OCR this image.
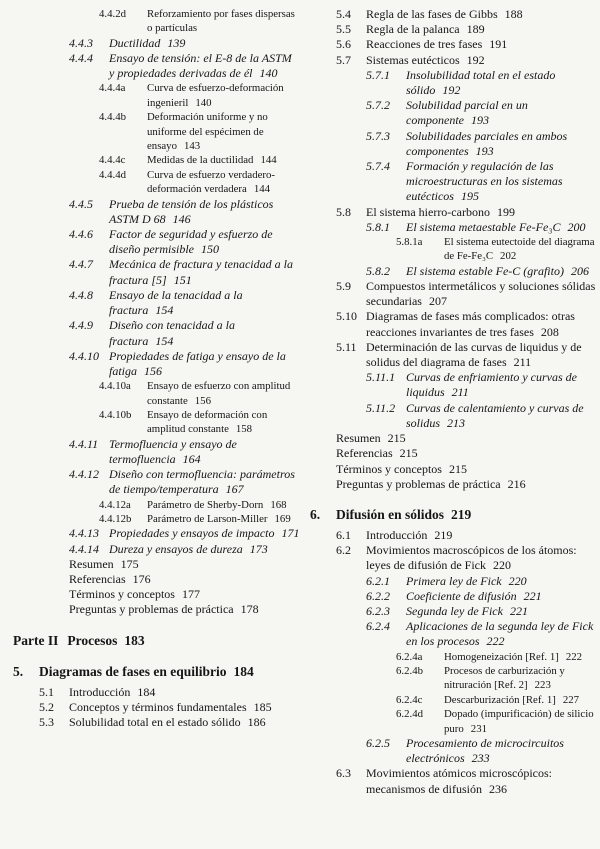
4.4.2d Reforzamiento por fases dispersas o partículas
4.4.3 Ductilidad 139
4.4.4 Ensayo de tensión: el E-8 de la ASTM y propiedades derivadas de él 140
4.4.4a Curva de esfuerzo-deformación ingenieril 140
4.4.4b Deformación uniforme y no uniforme del espécimen de ensayo 143
4.4.4c Medidas de la ductilidad 144
4.4.4d Curva de esfuerzo verdadero-deformación verdadera 144
4.4.5 Prueba de tensión de los plásticos ASTM D 68 146
4.4.6 Factor de seguridad y esfuerzo de diseño permisible 150
4.4.7 Mecánica de fractura y tenacidad a la fractura [5] 151
4.4.8 Ensayo de la tenacidad a la fractura 154
4.4.9 Diseño con tenacidad a la fractura 154
4.4.10 Propiedades de fatiga y ensayo de la fatiga 156
4.4.10a Ensayo de esfuerzo con amplitud constante 156
4.4.10b Ensayo de deformación con amplitud constante 158
4.4.11 Termofluencia y ensayo de termofluencia 164
4.4.12 Diseño con termofluencia: parámetros de tiempo/temperatura 167
4.4.12a Parámetro de Sherby-Dorn 168
4.4.12b Parámetro de Larson-Miller 169
4.4.13 Propiedades y ensayos de impacto 171
4.4.14 Dureza y ensayos de dureza 173
Resumen 175
Referencias 176
Términos y conceptos 177
Preguntas y problemas de práctica 178
Parte II Procesos 183
5. Diagramas de fases en equilibrio 184
5.1 Introducción 184
5.2 Conceptos y términos fundamentales 185
5.3 Solubilidad total en el estado sólido 186
5.4 Regla de las fases de Gibbs 188
5.5 Regla de la palanca 189
5.6 Reacciones de tres fases 191
5.7 Sistemas eutécticos 192
5.7.1 Insolubilidad total en el estado sólido 192
5.7.2 Solubilidad parcial en un componente 193
5.7.3 Solubilidades parciales en ambos componentes 193
5.7.4 Formación y regulación de las microestructuras en los sistemas eutécticos 195
5.8 El sistema hierro-carbono 199
5.8.1 El sistema metaestable Fe-Fe₃C 200
5.8.1a El sistema eutectoide del diagrama de Fe-Fe₃C 202
5.8.2 El sistema estable Fe-C (grafito) 206
5.9 Compuestos intermetálicos y soluciones sólidas secundarias 207
5.10 Diagramas de fases más complicados: otras reacciones invariantes de tres fases 208
5.11 Determinación de las curvas de liquidus y de solidus del diagrama de fases 211
5.11.1 Curvas de enfriamiento y curvas de liquidus 211
5.11.2 Curvas de calentamiento y curvas de solidus 213
Resumen 215
Referencias 215
Términos y conceptos 215
Preguntas y problemas de práctica 216
6. Difusión en sólidos 219
6.1 Introducción 219
6.2 Movimientos macroscópicos de los átomos: leyes de difusión de Fick 220
6.2.1 Primera ley de Fick 220
6.2.2 Coeficiente de difusión 221
6.2.3 Segunda ley de Fick 221
6.2.4 Aplicaciones de la segunda ley de Fick en los procesos 222
6.2.4a Homogeneización [Ref. 1] 222
6.2.4b Procesos de carburización y nitruración [Ref. 2] 223
6.2.4c Descarburización [Ref. 1] 227
6.2.4d Dopado (impurificación) de silicio puro 231
6.2.5 Procesamiento de microcircuitos electrónicos 233
6.3 Movimientos atómicos microscópicos: mecanismos de difusión 236
